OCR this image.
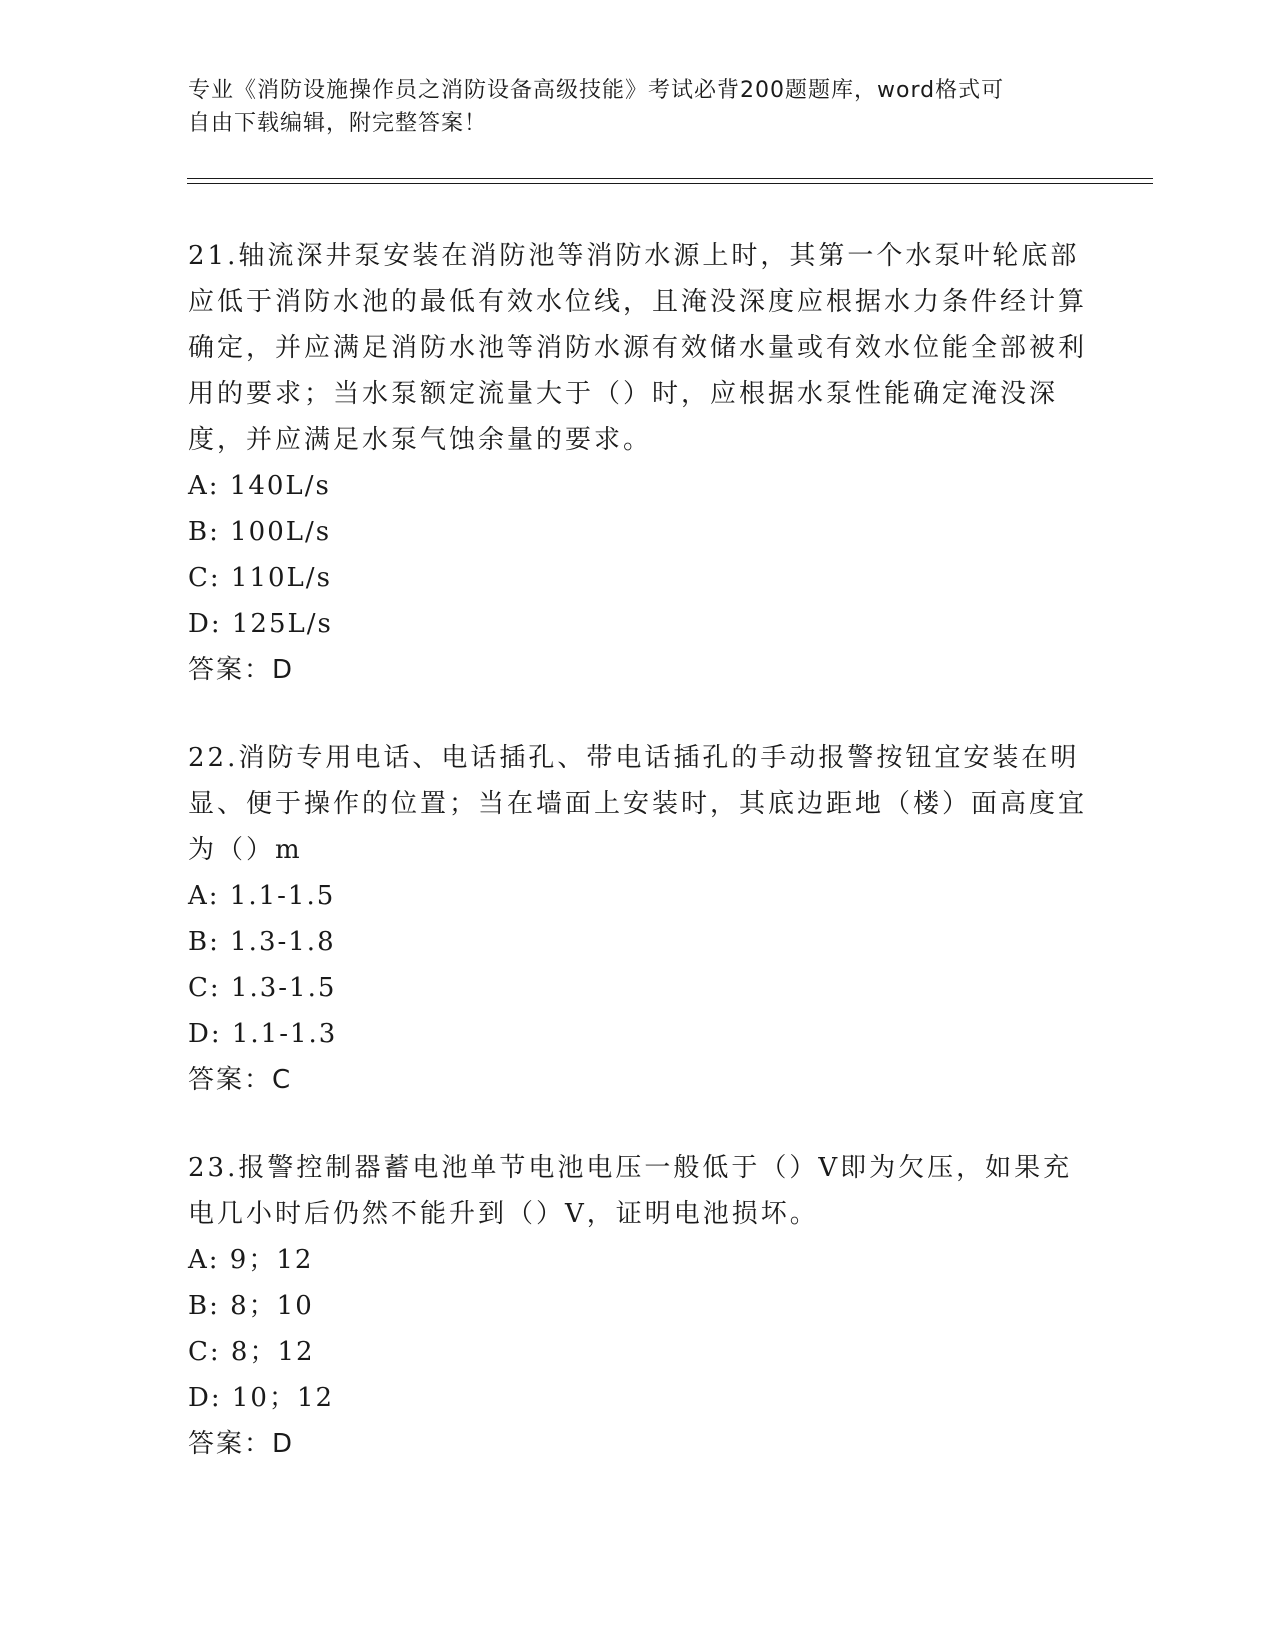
专业《消防设施操作员之消防设备高级技能》考试必背200题题库，word格式可
自由下载编辑，附完整答案！

21.轴流深井泵安装在消防池等消防水源上时，其第一个水泵叶轮底部应低于消防水池的最低有效水位线，且淹没深度应根据水力条件经计算确定，并应满足消防水池等消防水源有效储水量或有效水位能全部被利用的要求；当水泵额定流量大于（）时，应根据水泵性能确定淹没深度，并应满足水泵气蚀余量的要求。

A: 140L/s

B: 100L/s

C: 110L/s

D: 125L/s

答案：D

22.消防专用电话、电话插孔、带电话插孔的手动报警按钮宜安装在明显、便于操作的位置；当在墙面上安装时，其底边距地（楼）面高度宜为（）m

A: 1.1-1.5

B: 1.3-1.8

C: 1.3-1.5

D: 1.1-1.3

答案：C

23.报警控制器蓄电池单节电池电压一般低于（）V即为欠压，如果充电几小时后仍然不能升到（）V，证明电池损坏。

A: 9；12

B: 8；10

C: 8；12

D: 10；12

答案：D
